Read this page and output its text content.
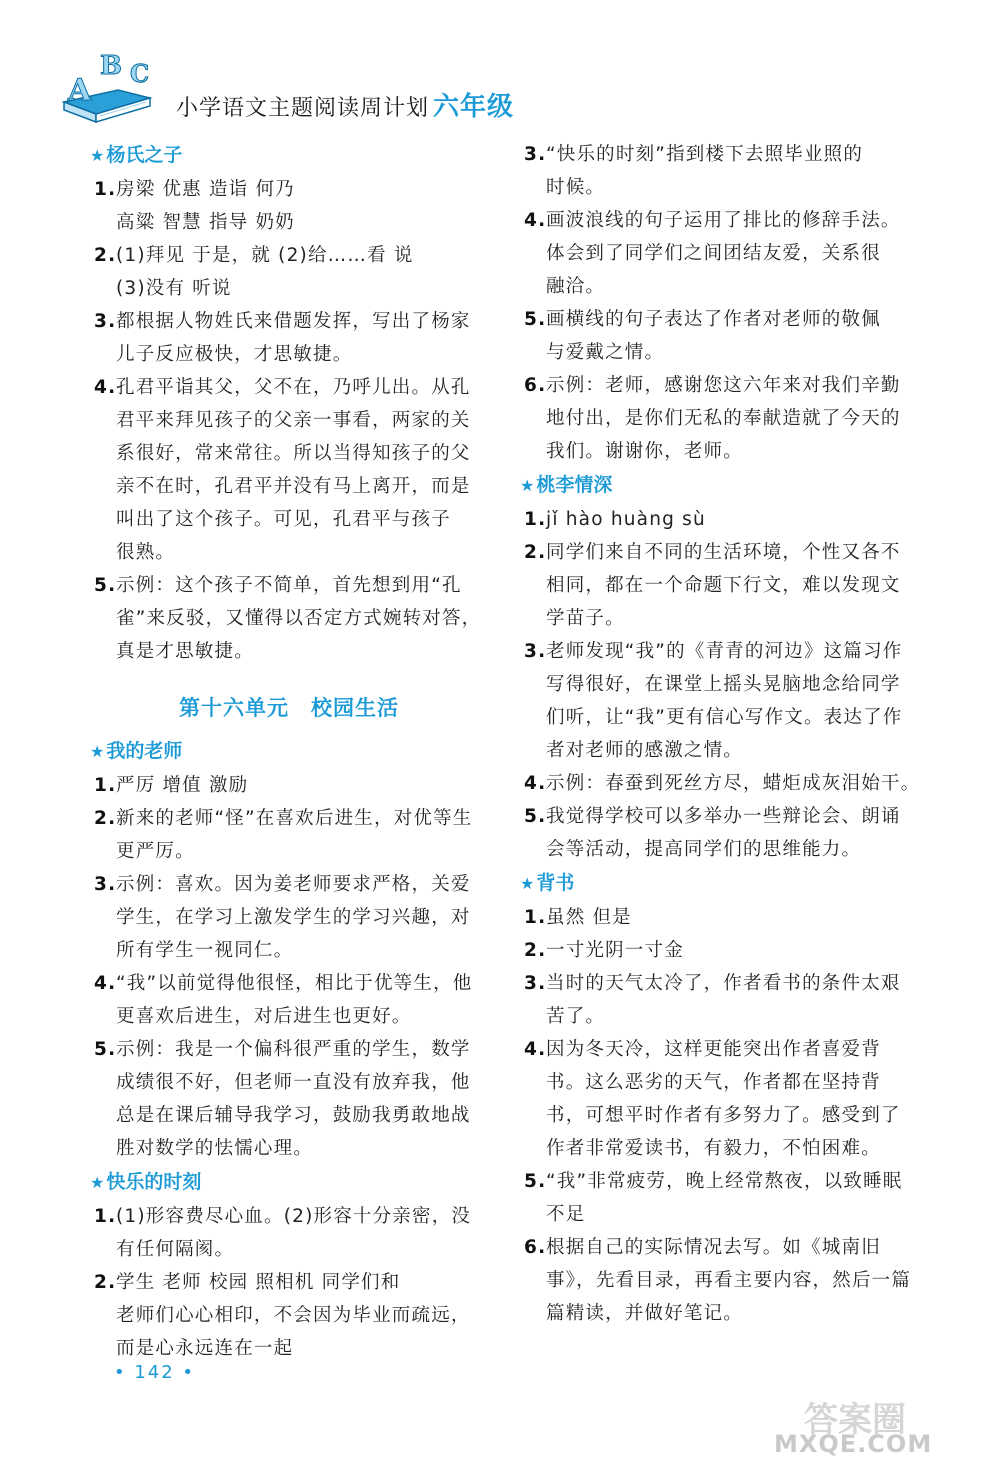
A
B C
小学语文主题阅读周计划 六年级
★ 杨氏之子
1. 房梁 优惠 造诣 何乃
高粱 智慧 指导 奶奶
2. (1)拜见 于是，就 (2)给……看 说
(3)没有 听说
3. 都根据人物姓氏来借题发挥，写出了杨家
儿子反应极快，才思敏捷。
4. 孔君平诣其父，父不在，乃呼儿出。从孔
君平来拜见孩子的父亲一事看，两家的关
系很好，常来常往。所以当得知孩子的父
亲不在时，孔君平并没有马上离开，而是
叫出了这个孩子。可见，孔君平与孩子
很熟。
5. 示例：这个孩子不简单，首先想到用“孔
雀”来反驳，又懂得以否定方式婉转对答，
真是才思敏捷。
第十六单元　校园生活
★ 我的老师
1. 严厉 增值 激励
2. 新来的老师“怪”在喜欢后进生，对优等生
更严厉。
3. 示例：喜欢。因为姜老师要求严格，关爱
学生，在学习上激发学生的学习兴趣，对
所有学生一视同仁。
4. “我”以前觉得他很怪，相比于优等生，他
更喜欢后进生，对后进生也更好。
5. 示例：我是一个偏科很严重的学生，数学
成绩很不好，但老师一直没有放弃我，他
总是在课后辅导我学习，鼓励我勇敢地战
胜对数学的怯懦心理。
★ 快乐的时刻
1. (1)形容费尽心血。(2)形容十分亲密，没
有任何隔阂。
2. 学生 老师 校园 照相机 同学们和
老师们心心相印，不会因为毕业而疏远，
而是心永远连在一起
3. “快乐的时刻”指到楼下去照毕业照的
时候。
4. 画波浪线的句子运用了排比的修辞手法。
体会到了同学们之间团结友爱，关系很
融洽。
5. 画横线的句子表达了作者对老师的敬佩
与爱戴之情。
6. 示例：老师，感谢您这六年来对我们辛勤
地付出，是你们无私的奉献造就了今天的
我们。谢谢你，老师。
★ 桃李情深
1. jǐ hào huàng sù
2. 同学们来自不同的生活环境，个性又各不
相同，都在一个命题下行文，难以发现文
学苗子。
3. 老师发现“我”的《青青的河边》这篇习作
写得很好，在课堂上摇头晃脑地念给同学
们听，让“我”更有信心写作文。表达了作
者对老师的感激之情。
4. 示例：春蚕到死丝方尽，蜡炬成灰泪始干。
5. 我觉得学校可以多举办一些辩论会、朗诵
会等活动，提高同学们的思维能力。
★ 背书
1. 虽然 但是
2. 一寸光阴一寸金
3. 当时的天气太冷了，作者看书的条件太艰
苦了。
4. 因为冬天冷，这样更能突出作者喜爱背
书。这么恶劣的天气，作者都在坚持背
书，可想平时作者有多努力了。感受到了
作者非常爱读书，有毅力，不怕困难。
5. “我”非常疲劳，晚上经常熬夜，以致睡眠
不足
6. 根据自己的实际情况去写。如《城南旧
事》，先看目录，再看主要内容，然后一篇
篇精读，并做好笔记。
• 142 •
答案圈
MXQE.COM
